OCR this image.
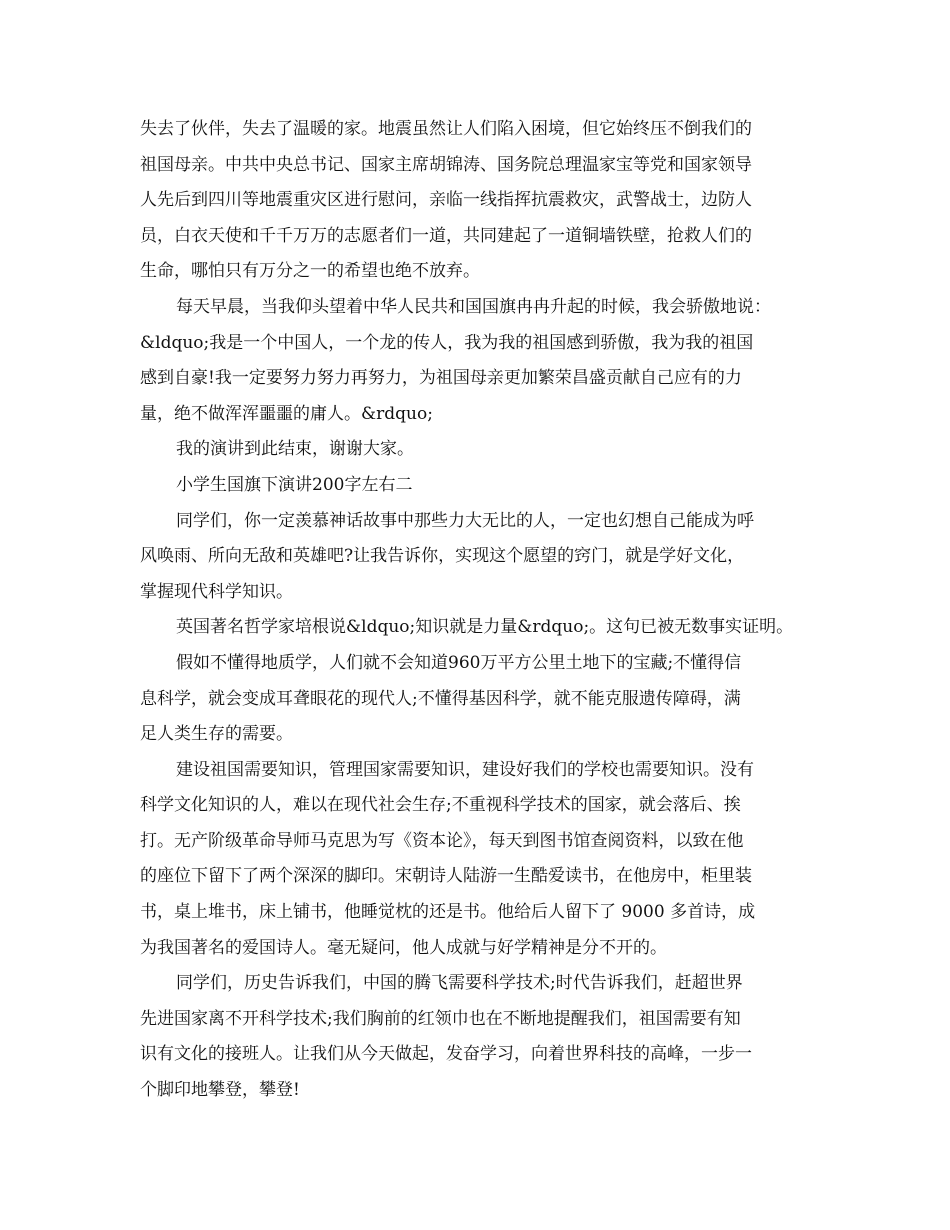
失去了伙伴，失去了温暖的家。地震虽然让人们陷入困境，但它始终压不倒我们的
祖国母亲。中共中央总书记、国家主席胡锦涛、国务院总理温家宝等党和国家领导
人先后到四川等地震重灾区进行慰问，亲临一线指挥抗震救灾，武警战士，边防人
员，白衣天使和千千万万的志愿者们一道，共同建起了一道铜墙铁壁，抢救人们的
生命，哪怕只有万分之一的希望也绝不放弃。
每天早晨，当我仰头望着中华人民共和国国旗冉冉升起的时候，我会骄傲地说：
&ldquo;我是一个中国人，一个龙的传人，我为我的祖国感到骄傲，我为我的祖国
感到自豪!我一定要努力努力再努力，为祖国母亲更加繁荣昌盛贡献自己应有的力
量，绝不做浑浑噩噩的庸人。&rdquo;
我的演讲到此结束，谢谢大家。
小学生国旗下演讲200字左右二
同学们，你一定羡慕神话故事中那些力大无比的人，一定也幻想自己能成为呼
风唤雨、所向无敌和英雄吧?让我告诉你，实现这个愿望的窍门，就是学好文化，
掌握现代科学知识。
英国著名哲学家培根说&ldquo;知识就是力量&rdquo;。这句已被无数事实证明。
假如不懂得地质学，人们就不会知道960万平方公里土地下的宝藏;不懂得信
息科学，就会变成耳聋眼花的现代人;不懂得基因科学，就不能克服遗传障碍，满
足人类生存的需要。
建设祖国需要知识，管理国家需要知识，建设好我们的学校也需要知识。没有
科学文化知识的人，难以在现代社会生存;不重视科学技术的国家，就会落后、挨
打。无产阶级革命导师马克思为写《资本论》，每天到图书馆查阅资料，以致在他
的座位下留下了两个深深的脚印。宋朝诗人陆游一生酷爱读书，在他房中，柜里装
书，桌上堆书，床上铺书，他睡觉枕的还是书。他给后人留下了 9000 多首诗，成
为我国著名的爱国诗人。毫无疑问，他人成就与好学精神是分不开的。
同学们，历史告诉我们，中国的腾飞需要科学技术;时代告诉我们，赶超世界
先进国家离不开科学技术;我们胸前的红领巾也在不断地提醒我们，祖国需要有知
识有文化的接班人。让我们从今天做起，发奋学习，向着世界科技的高峰，一步一
个脚印地攀登，攀登!
